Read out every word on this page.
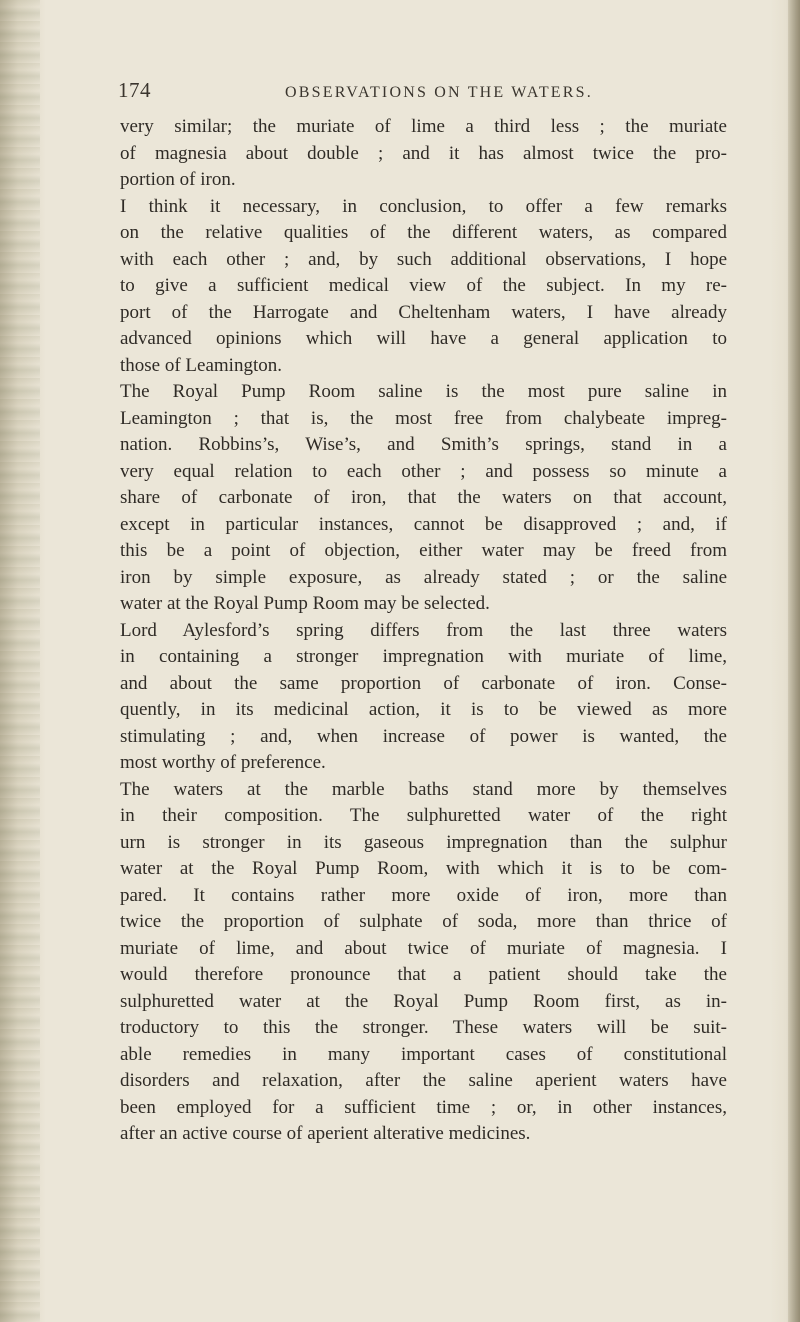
174	OBSERVATIONS ON THE WATERS.
very similar; the muriate of lime a third less ; the muriate
of magnesia about double ; and it has almost twice the pro-
portion of iron.
I think it necessary, in conclusion, to offer a few remarks
on the relative qualities of the different waters, as compared
with each other ; and, by such additional observations, I hope
to give a sufficient medical view of the subject. In my re-
port of the Harrogate and Cheltenham waters, I have already
advanced opinions which will have a general application to
those of Leamington.
The Royal Pump Room saline is the most pure saline in
Leamington ; that is, the most free from chalybeate impreg-
nation. Robbins’s, Wise’s, and Smith’s springs, stand in a
very equal relation to each other ; and possess so minute a
share of carbonate of iron, that the waters on that account,
except in particular instances, cannot be disapproved ; and, if
this be a point of objection, either water may be freed from
iron by simple exposure, as already stated ; or the saline
water at the Royal Pump Room may be selected.
Lord Aylesford’s spring differs from the last three waters
in containing a stronger impregnation with muriate of lime,
and about the same proportion of carbonate of iron. Conse-
quently, in its medicinal action, it is to be viewed as more
stimulating ; and, when increase of power is wanted, the
most worthy of preference.
The waters at the marble baths stand more by themselves
in their composition. The sulphuretted water of the right
urn is stronger in its gaseous impregnation than the sulphur
water at the Royal Pump Room, with which it is to be com-
pared. It contains rather more oxide of iron, more than
twice the proportion of sulphate of soda, more than thrice of
muriate of lime, and about twice of muriate of magnesia. I
would therefore pronounce that a patient should take the
sulphuretted water at the Royal Pump Room first, as in-
troductory to this the stronger. These waters will be suit-
able remedies in many important cases of constitutional
disorders and relaxation, after the saline aperient waters have
been employed for a sufficient time ; or, in other instances,
after an active course of aperient alterative medicines.
